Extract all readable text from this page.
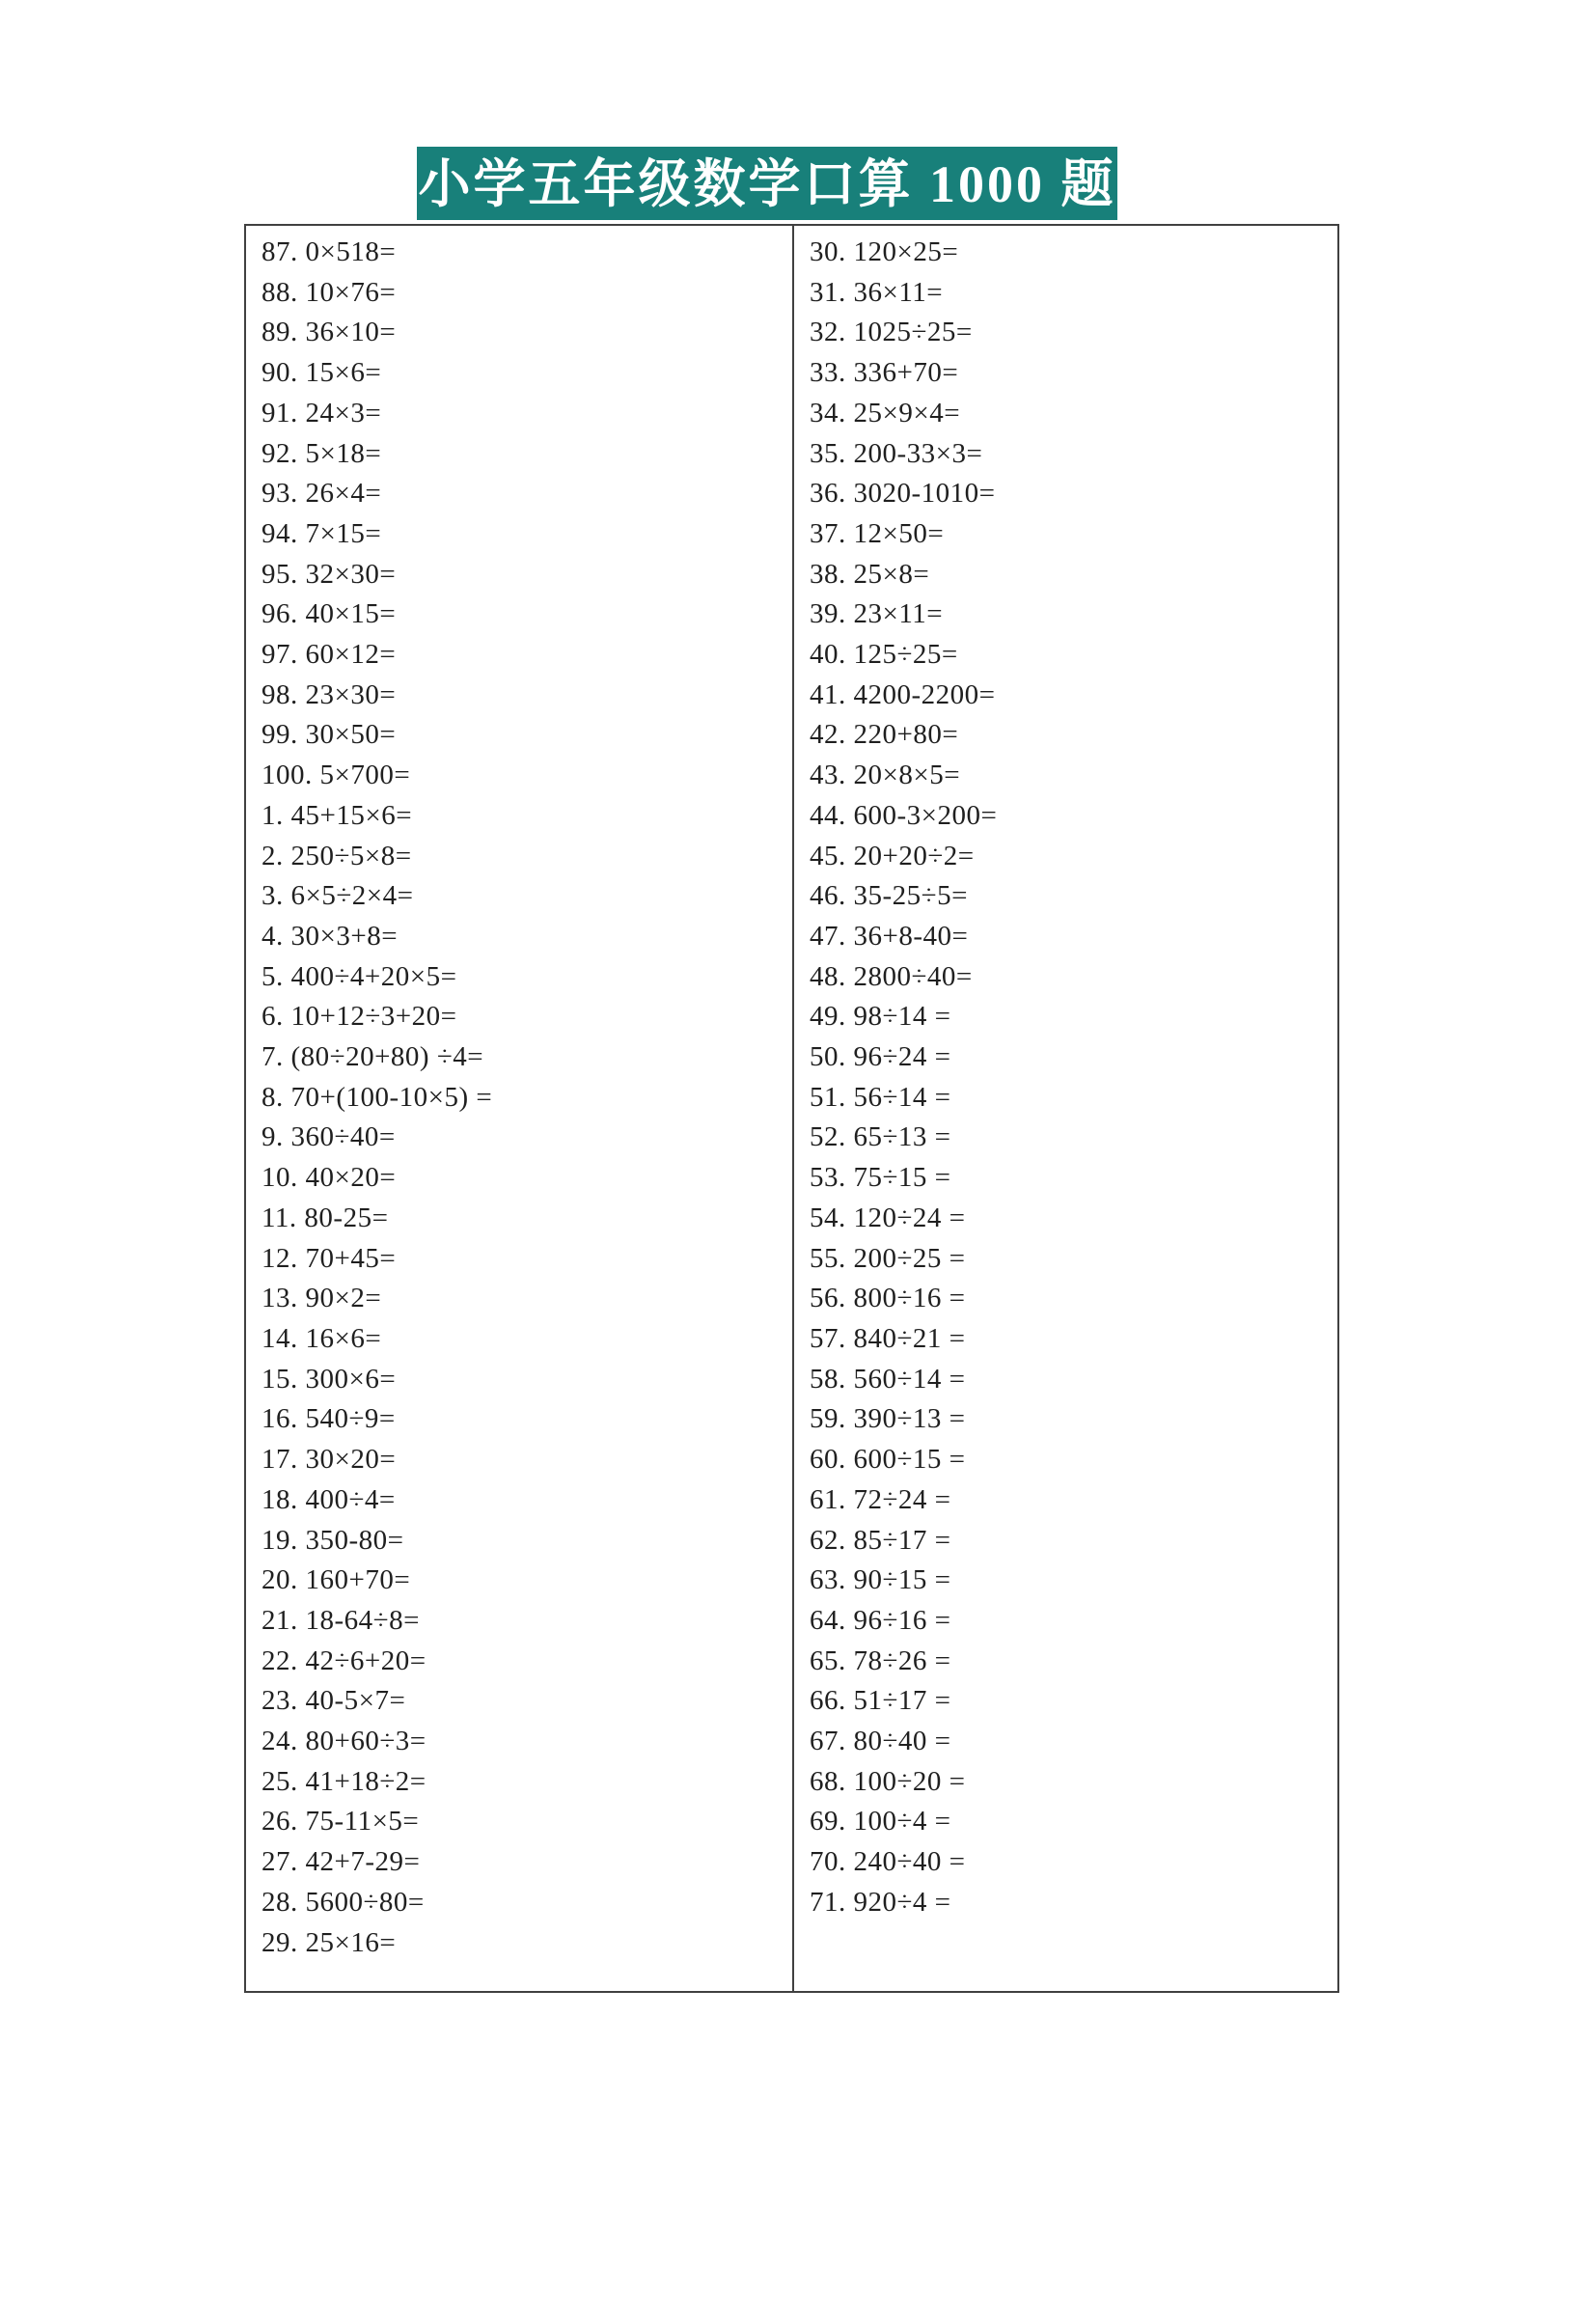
小学五年级数学口算 1000 题
87. 0×518=
88. 10×76=
89. 36×10=
90. 15×6=
91. 24×3=
92. 5×18=
93. 26×4=
94. 7×15=
95. 32×30=
96. 40×15=
97. 60×12=
98. 23×30=
99. 30×50=
100. 5×700=
1. 45+15×6=
2. 250÷5×8=
3. 6×5÷2×4=
4. 30×3+8=
5. 400÷4+20×5=
6. 10+12÷3+20=
7. (80÷20+80) ÷4=
8. 70+(100-10×5) =
9. 360÷40=
10. 40×20=
11. 80-25=
12. 70+45=
13. 90×2=
14. 16×6=
15. 300×6=
16. 540÷9=
17. 30×20=
18. 400÷4=
19. 350-80=
20. 160+70=
21. 18-64÷8=
22. 42÷6+20=
23. 40-5×7=
24. 80+60÷3=
25. 41+18÷2=
26. 75-11×5=
27. 42+7-29=
28. 5600÷80=
29. 25×16=
30. 120×25=
31. 36×11=
32. 1025÷25=
33. 336+70=
34. 25×9×4=
35. 200-33×3=
36. 3020-1010=
37. 12×50=
38. 25×8=
39. 23×11=
40. 125÷25=
41. 4200-2200=
42. 220+80=
43. 20×8×5=
44. 600-3×200=
45. 20+20÷2=
46. 35-25÷5=
47. 36+8-40=
48. 2800÷40=
49. 98÷14 =
50. 96÷24 =
51. 56÷14 =
52. 65÷13 =
53. 75÷15 =
54. 120÷24 =
55. 200÷25 =
56. 800÷16 =
57. 840÷21 =
58. 560÷14 =
59. 390÷13 =
60. 600÷15 =
61. 72÷24 =
62. 85÷17 =
63. 90÷15 =
64. 96÷16 =
65. 78÷26 =
66. 51÷17 =
67. 80÷40 =
68. 100÷20 =
69. 100÷4 =
70. 240÷40 =
71. 920÷4 =
